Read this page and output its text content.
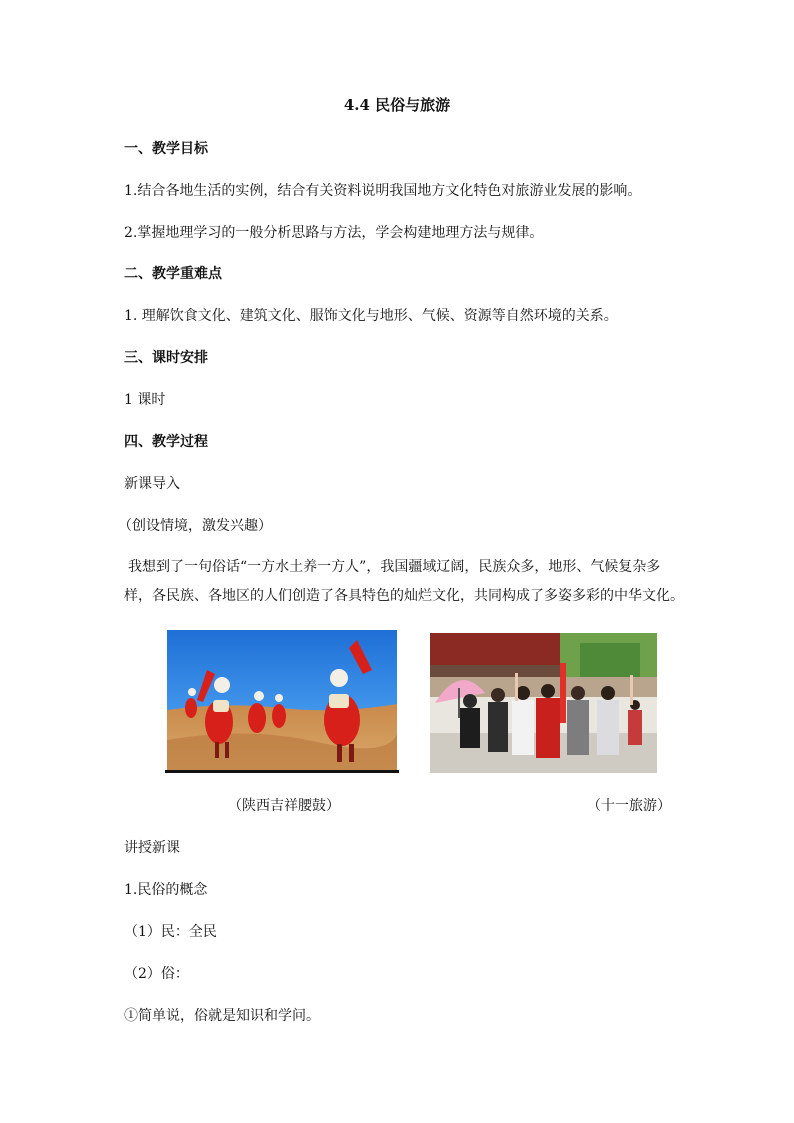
4.4 民俗与旅游
一、教学目标
1.结合各地生活的实例，结合有关资料说明我国地方文化特色对旅游业发展的影响。
2.掌握地理学习的一般分析思路与方法，学会构建地理方法与规律。
二、教学重难点
1. 理解饮食文化、建筑文化、服饰文化与地形、气候、资源等自然环境的关系。
三、课时安排
1 课时
四、教学过程
新课导入
（创设情境，激发兴趣）
我想到了一句俗话“一方水土养一方人”，我国疆域辽阔，民族众多，地形、气候复杂多
样，各民族、各地区的人们创造了各具特色的灿烂文化，共同构成了多姿多彩的中华文化。
（陕西吉祥腰鼓）	（十一旅游）
讲授新课
1.民俗的概念
（1）民：全民
（2）俗：
①简单说，俗就是知识和学问。
